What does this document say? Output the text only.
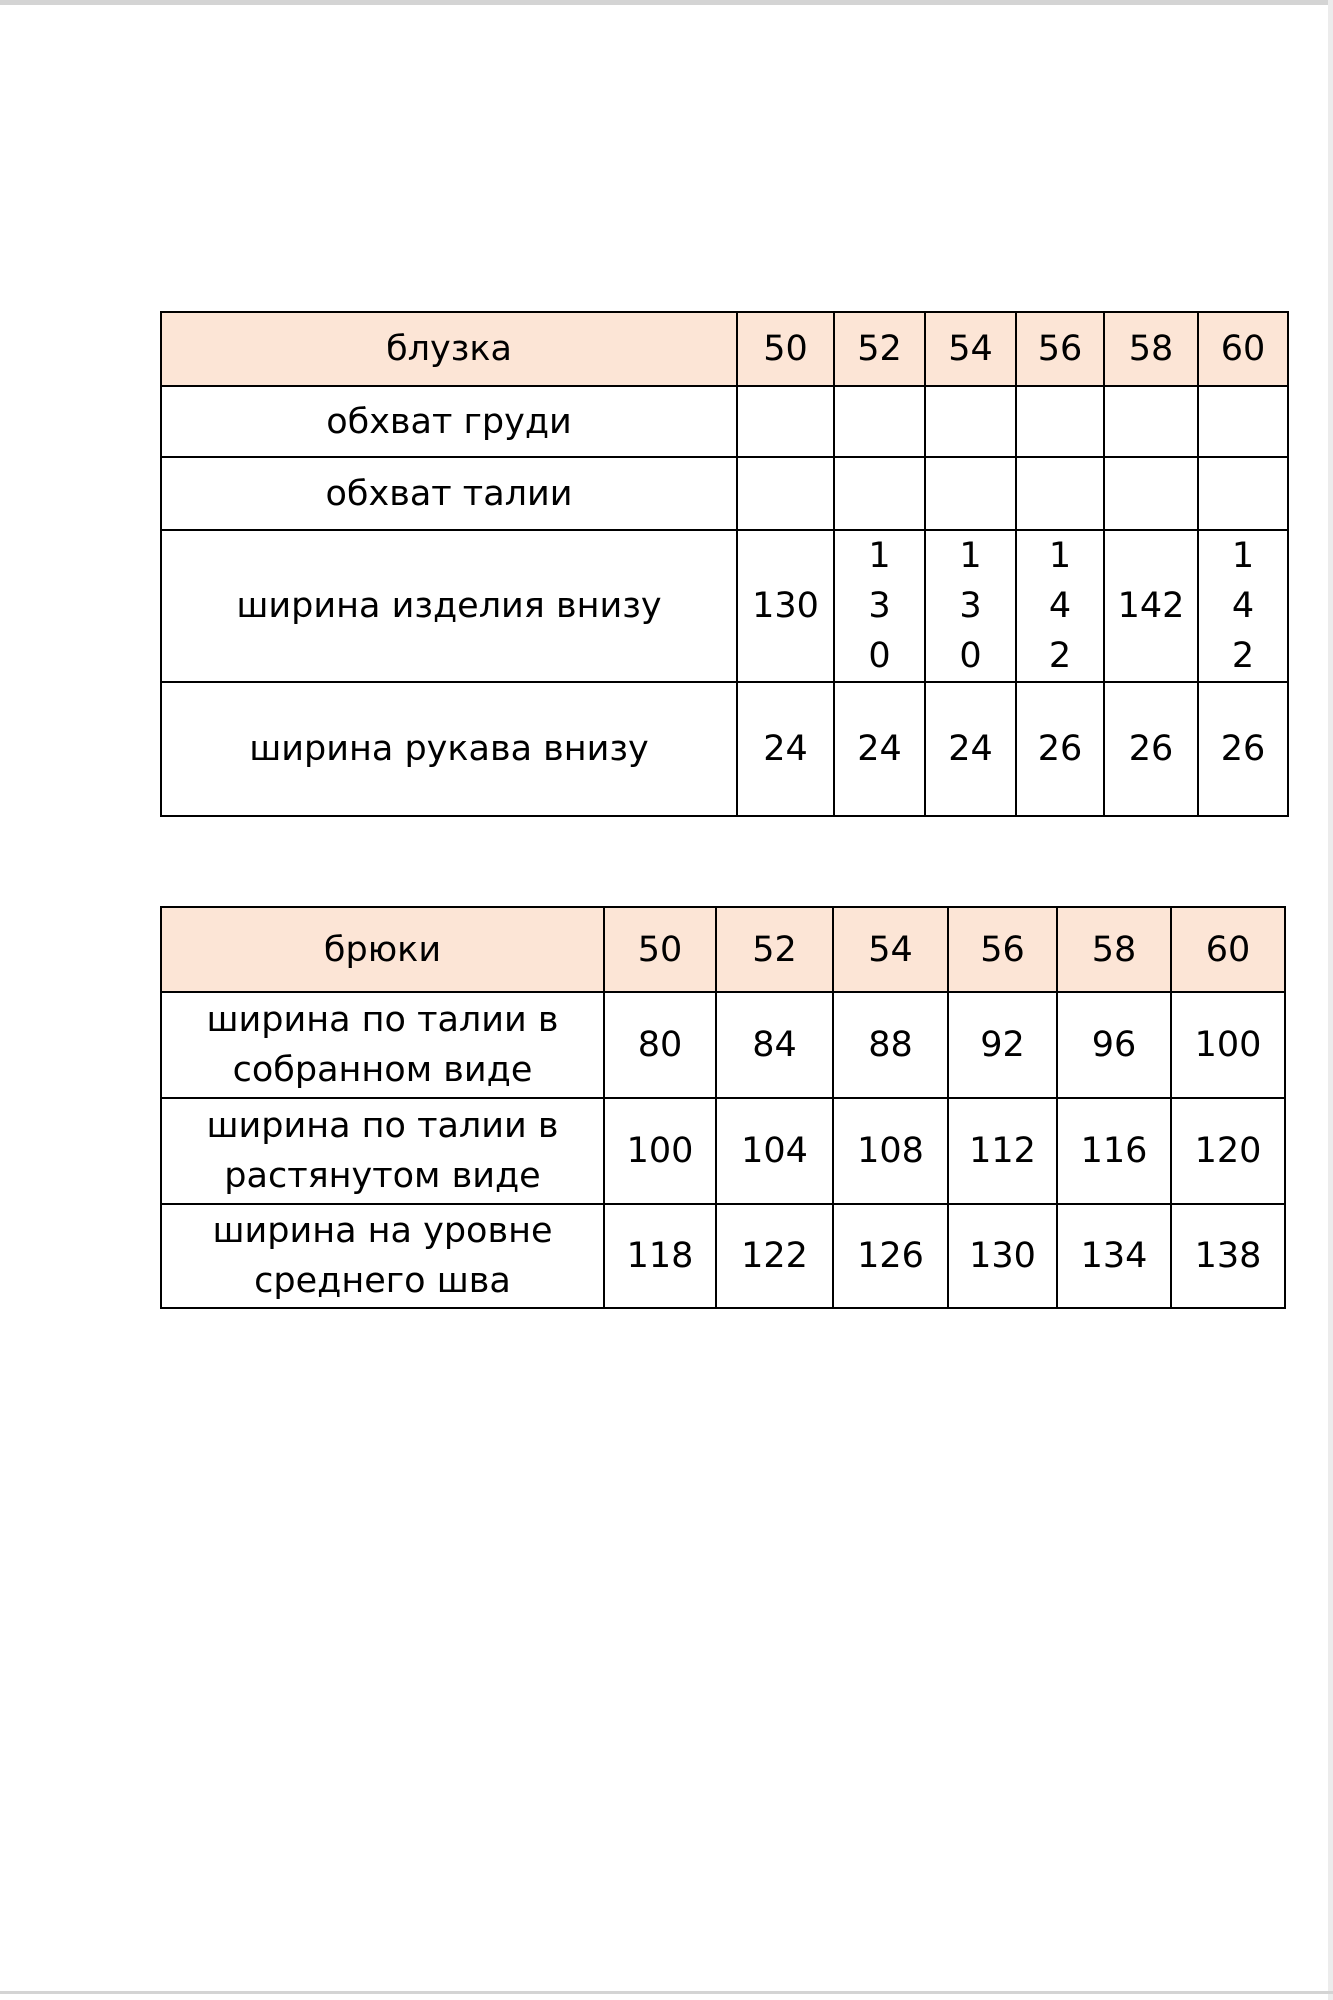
блузка	50	52	54	56	58	60
обхват груди						
обхват талии						
ширина изделия внизу	130	130	130	142	142	142
ширина рукава внизу	24	24	24	26	26	26
брюки	50	52	54	56	58	60
ширина по талии в собранном виде	80	84	88	92	96	100
ширина по талии в растянутом виде	100	104	108	112	116	120
ширина на уровне среднего шва	118	122	126	130	134	138
